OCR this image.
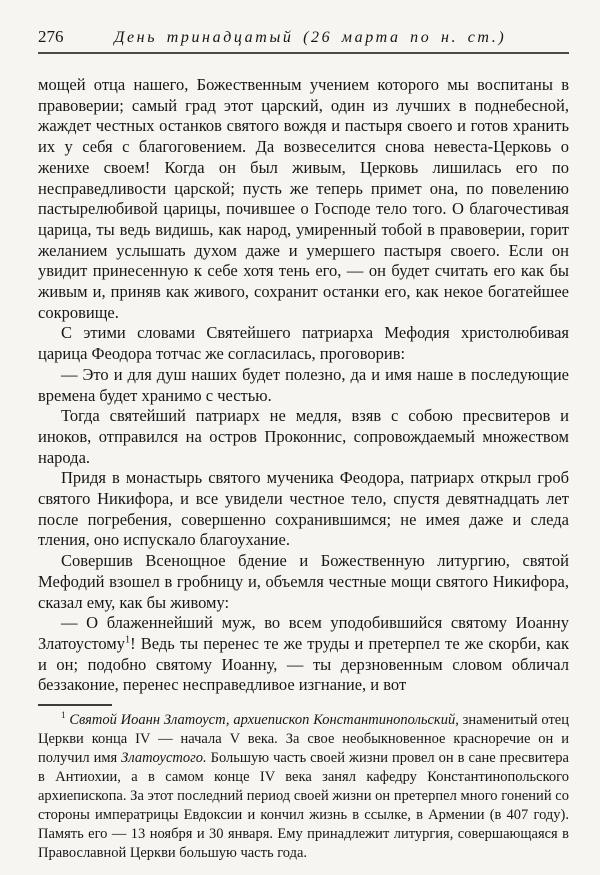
276	День тринадцатый (26 марта по н. ст.)

мощей отца нашего, Божественным учением которого мы воспитаны в правоверии; самый град этот царский, один из лучших в поднебесной, жаждет честных останков святого вождя и пастыря своего и готов хранить их у себя с благоговением. Да возвеселится снова невеста-Церковь о женихе своем! Когда он был живым, Церковь лишилась его по несправедливости царской; пусть же теперь примет она, по повелению пастырелюбивой царицы, почившее о Господе тело того. О благочестивая царица, ты ведь видишь, как народ, умиренный тобой в правоверии, горит желанием услышать духом даже и умершего пастыря своего. Если он увидит принесенную к себе хотя тень его, — он будет считать его как бы живым и, приняв как живого, сохранит останки его, как некое богатейшее сокровище.

С этими словами Святейшего патриарха Мефодия христолюбивая царица Феодора тотчас же согласилась, проговорив:

— Это и для душ наших будет полезно, да и имя наше в последующие времена будет хранимо с честью.

Тогда святейший патриарх не медля, взяв с собою пресвитеров и иноков, отправился на остров Проконнис, сопровождаемый множеством народа.

Придя в монастырь святого мученика Феодора, патриарх открыл гроб святого Никифора, и все увидели честное тело, спустя девятнадцать лет после погребения, совершенно сохранившимся; не имея даже и следа тления, оно испускало благоухание.

Совершив Всенощное бдение и Божественную литургию, святой Мефодий взошел в гробницу и, объемля честные мощи святого Никифора, сказал ему, как бы живому:

— О блаженнейший муж, во всем уподобившийся святому Иоанну Златоустому$^1$! Ведь ты перенес те же труды и претерпел те же скорби, как и он; подобно святому Иоанну, — ты дерзновенным словом обличал беззаконие, перенес несправедливое изгнание, и вот

$^1$ Святой Иоанн Златоуст, архиепископ Константинопольский, знаменитый отец Церкви конца IV — начала V века. За свое необыкновенное красноречие он и получил имя Златоустого. Большую часть своей жизни провел он в сане пресвитера в Антиохии, а в самом конце IV века занял кафедру Константинопольского архиепископа. За этот последний период своей жизни он претерпел много гонений со стороны императрицы Евдоксии и кончил жизнь в ссылке, в Армении (в 407 году). Память его — 13 ноября и 30 января. Ему принадлежит литургия, совершающаяся в Православной Церкви большую часть года.
